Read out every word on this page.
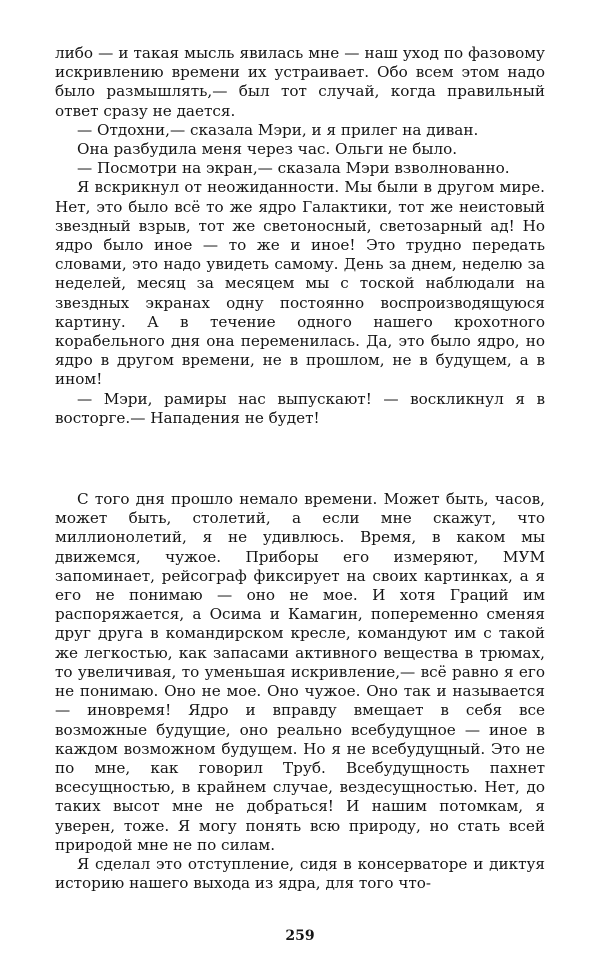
либо — и такая мысль явилась мне — наш уход по фазовому искривлению времени их устраивает. Обо всем этом надо было размышлять,— был тот случай, когда правильный ответ сразу не дается.

— Отдохни,— сказала Мэри, и я прилег на диван.

Она разбудила меня через час. Ольги не было.

— Посмотри на экран,— сказала Мэри взволнованно.

Я вскрикнул от неожиданности. Мы были в другом мире. Нет, это было всё то же ядро Галактики, тот же неистовый звездный взрыв, тот же светоносный, светозарный ад! Но ядро было иное — то же и иное! Это трудно передать словами, это надо увидеть самому. День за днем, неделю за неделей, месяц за месяцем мы с тоской наблюдали на звездных экранах одну постоянно воспроизводящуюся картину. А в течение одного нашего крохотного корабельного дня она переменилась. Да, это было ядро, но ядро в другом времени, не в прошлом, не в будущем, а в ином!

— Мэри, рамиры нас выпускают! — воскликнул я в восторге.— Нападения не будет!

С того дня прошло немало времени. Может быть, часов, может быть, столетий, а если мне скажут, что миллионолетий, я не удивлюсь. Время, в каком мы движемся, чужое. Приборы его измеряют, МУМ запоминает, рейсограф фиксирует на своих картинках, а я его не понимаю — оно не мое. И хотя Граций им распоряжается, а Осима и Камагин, попеременно сменяя друг друга в командирском кресле, командуют им с такой же легкостью, как запасами активного вещества в трюмах, то увеличивая, то уменьшая искривление,— всё равно я его не понимаю. Оно не мое. Оно чужое. Оно так и называется — иновремя! Ядро и вправду вмещает в себя все возможные будущие, оно реально всебудущное — иное в каждом возможном будущем. Но я не всебудущный. Это не по мне, как говорил Труб. Всебудущность пахнет всесущностью, в крайнем случае, вездесущностью. Нет, до таких высот мне не добраться! И нашим потомкам, я уверен, тоже. Я могу понять всю природу, но стать всей природой мне не по силам.

Я сделал это отступление, сидя в консерваторе и диктуя историю нашего выхода из ядра, для того что-

259
